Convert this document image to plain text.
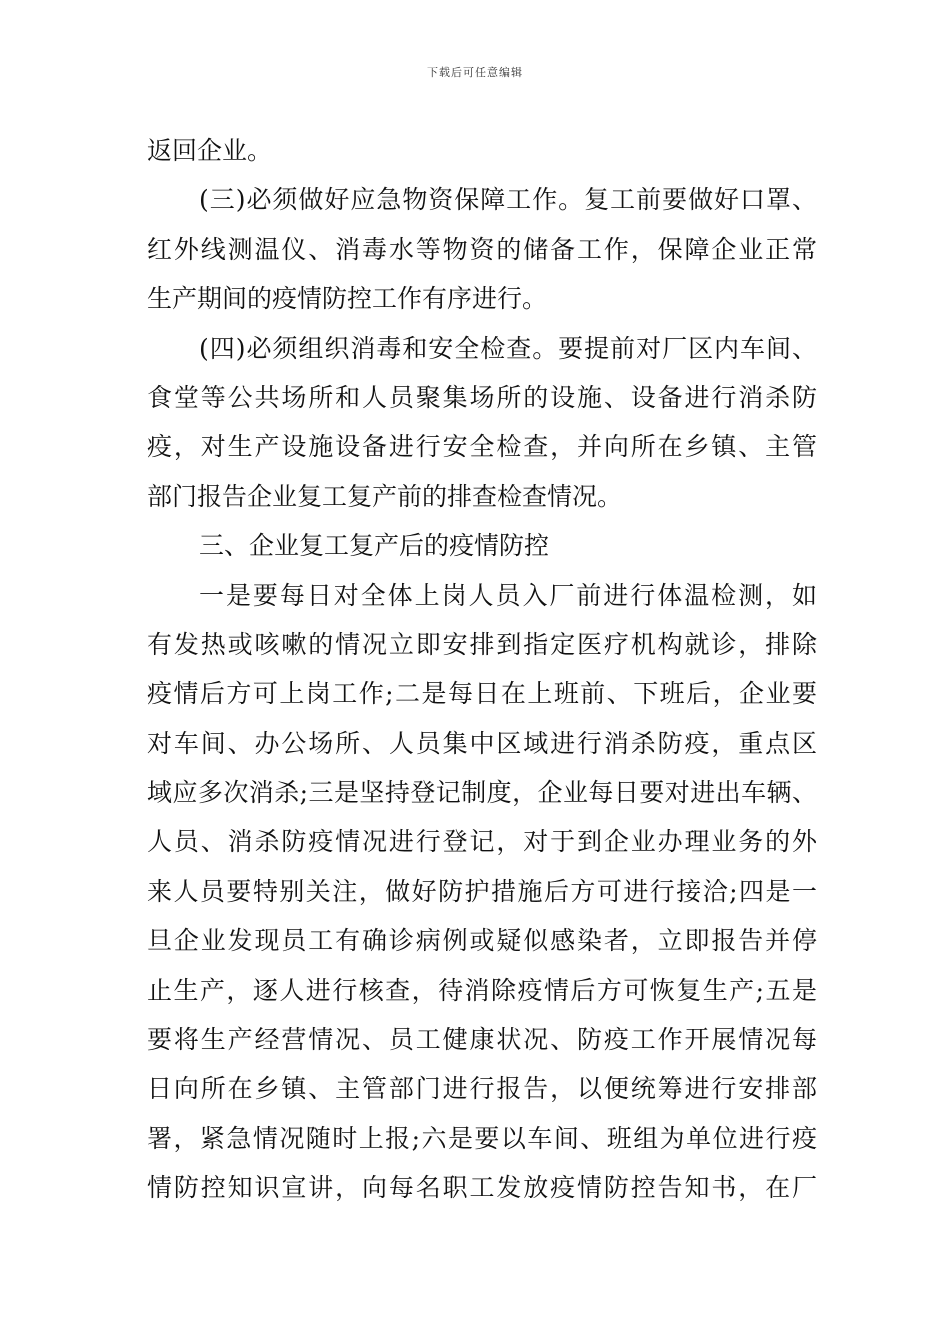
下载后可任意编辑
返回企业。
(三)必须做好应急物资保障工作。复工前要做好口罩、
红外线测温仪、消毒水等物资的储备工作，保障企业正常
生产期间的疫情防控工作有序进行。
(四)必须组织消毒和安全检查。要提前对厂区内车间、
食堂等公共场所和人员聚集场所的设施、设备进行消杀防
疫，对生产设施设备进行安全检查，并向所在乡镇、主管
部门报告企业复工复产前的排查检查情况。
三、企业复工复产后的疫情防控
一是要每日对全体上岗人员入厂前进行体温检测，如
有发热或咳嗽的情况立即安排到指定医疗机构就诊，排除
疫情后方可上岗工作;二是每日在上班前、下班后，企业要
对车间、办公场所、人员集中区域进行消杀防疫，重点区
域应多次消杀;三是坚持登记制度，企业每日要对进出车辆、
人员、消杀防疫情况进行登记，对于到企业办理业务的外
来人员要特别关注，做好防护措施后方可进行接洽;四是一
旦企业发现员工有确诊病例或疑似感染者，立即报告并停
止生产，逐人进行核查，待消除疫情后方可恢复生产;五是
要将生产经营情况、员工健康状况、防疫工作开展情况每
日向所在乡镇、主管部门进行报告，以便统筹进行安排部
署，紧急情况随时上报;六是要以车间、班组为单位进行疫
情防控知识宣讲，向每名职工发放疫情防控告知书，在厂
